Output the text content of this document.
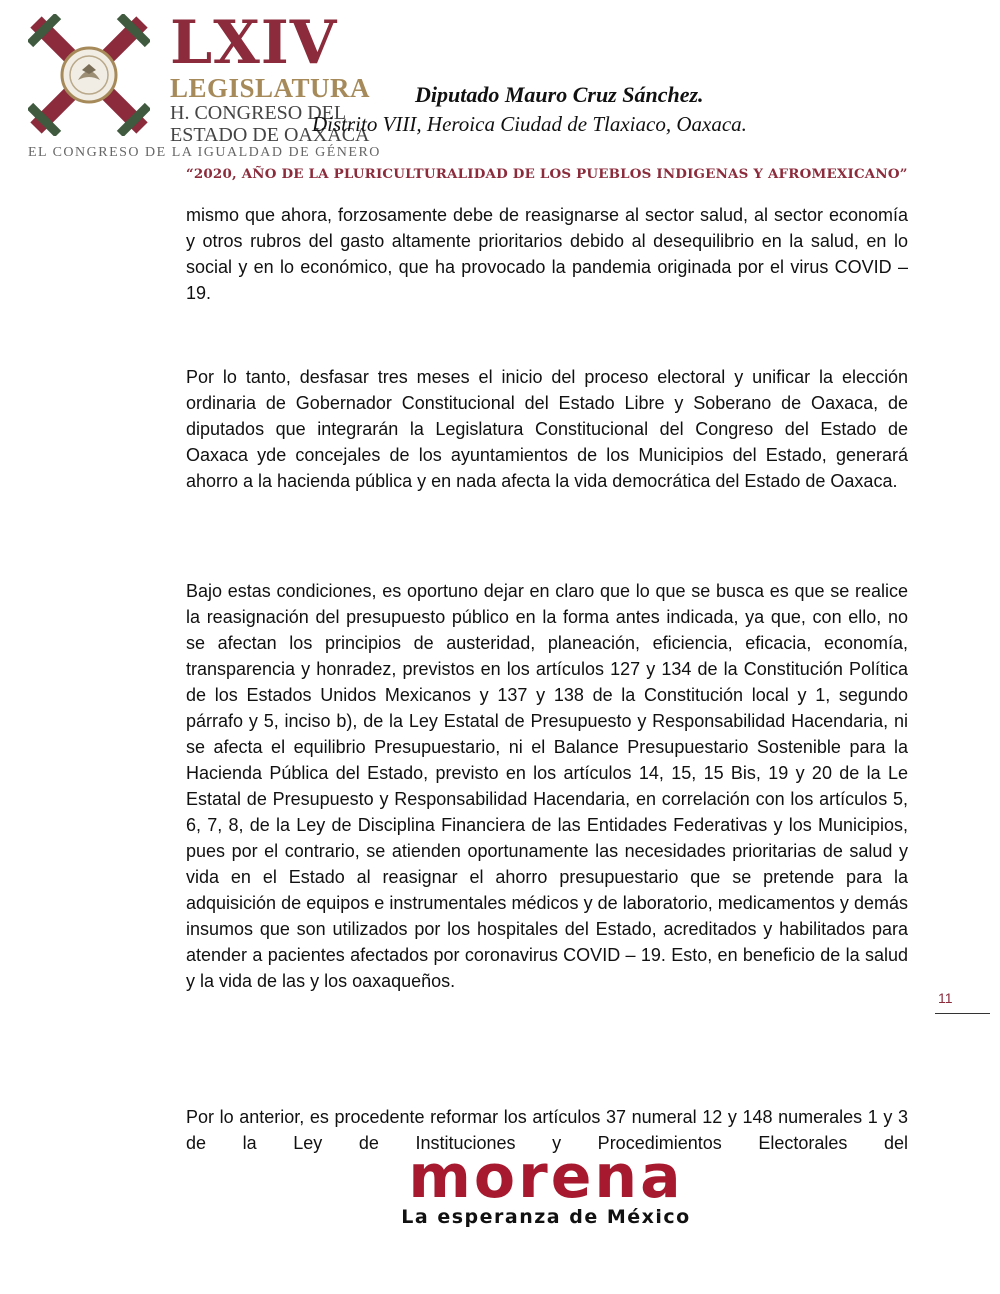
LXIV

LEGISLATURA

H. CONGRESO DEL

ESTADO DE OAXACA

EL CONGRESO DE LA IGUALDAD DE GÉNERO
Diputado Mauro Cruz Sánchez.
Distrito VIII, Heroica Ciudad de Tlaxiaco, Oaxaca.
“2020, AÑO DE LA PLURICULTURALIDAD DE LOS PUEBLOS INDIGENAS Y AFROMEXICANO”

mismo que ahora, forzosamente debe de reasignarse al sector salud, al sector economía y otros rubros del gasto altamente prioritarios debido al desequilibrio en la salud, en lo social y en lo económico, que ha provocado la pandemia originada por el virus COVID – 19.

Por lo tanto, desfasar tres meses el inicio del proceso electoral y unificar la elección ordinaria de Gobernador Constitucional del Estado Libre y Soberano de Oaxaca, de diputados que integrarán la Legislatura Constitucional del Congreso del Estado de Oaxaca yde concejales de los ayuntamientos de los Municipios del Estado, generará ahorro a la hacienda pública y en nada afecta la vida democrática del Estado de Oaxaca.

Bajo estas condiciones, es oportuno dejar en claro que lo que se busca es que se realice la reasignación del presupuesto público en la forma antes indicada, ya que, con ello, no se afectan los principios de austeridad, planeación, eficiencia, eficacia, economía, transparencia y honradez, previstos en los artículos 127 y 134 de la Constitución Política de los Estados Unidos Mexicanos y 137 y 138 de la Constitución local y 1, segundo párrafo y 5, inciso b), de la Ley Estatal de Presupuesto y Responsabilidad Hacendaria, ni se afecta el equilibrio Presupuestario, ni el Balance Presupuestario Sostenible para la Hacienda Pública del Estado, previsto en los artículos 14, 15, 15 Bis, 19 y 20 de la Le Estatal de Presupuesto y Responsabilidad Hacendaria, en correlación con los artículos 5, 6, 7, 8, de la Ley de Disciplina Financiera de las Entidades Federativas y los Municipios, pues por el contrario, se atienden oportunamente las necesidades prioritarias de salud y vida en el Estado al reasignar el ahorro presupuestario que se pretende para la adquisición de equipos e instrumentales médicos y de laboratorio, medicamentos y demás insumos que son utilizados por los hospitales del Estado, acreditados y habilitados para atender a pacientes afectados por coronavirus COVID – 19. Esto, en beneficio de la salud y la vida de las y los oaxaqueños.

Por lo anterior, es procedente reformar los artículos 37 numeral 12 y 148 numerales 1 y 3 de la Ley de Instituciones y Procedimientos Electorales del

11

morena

La esperanza de México
